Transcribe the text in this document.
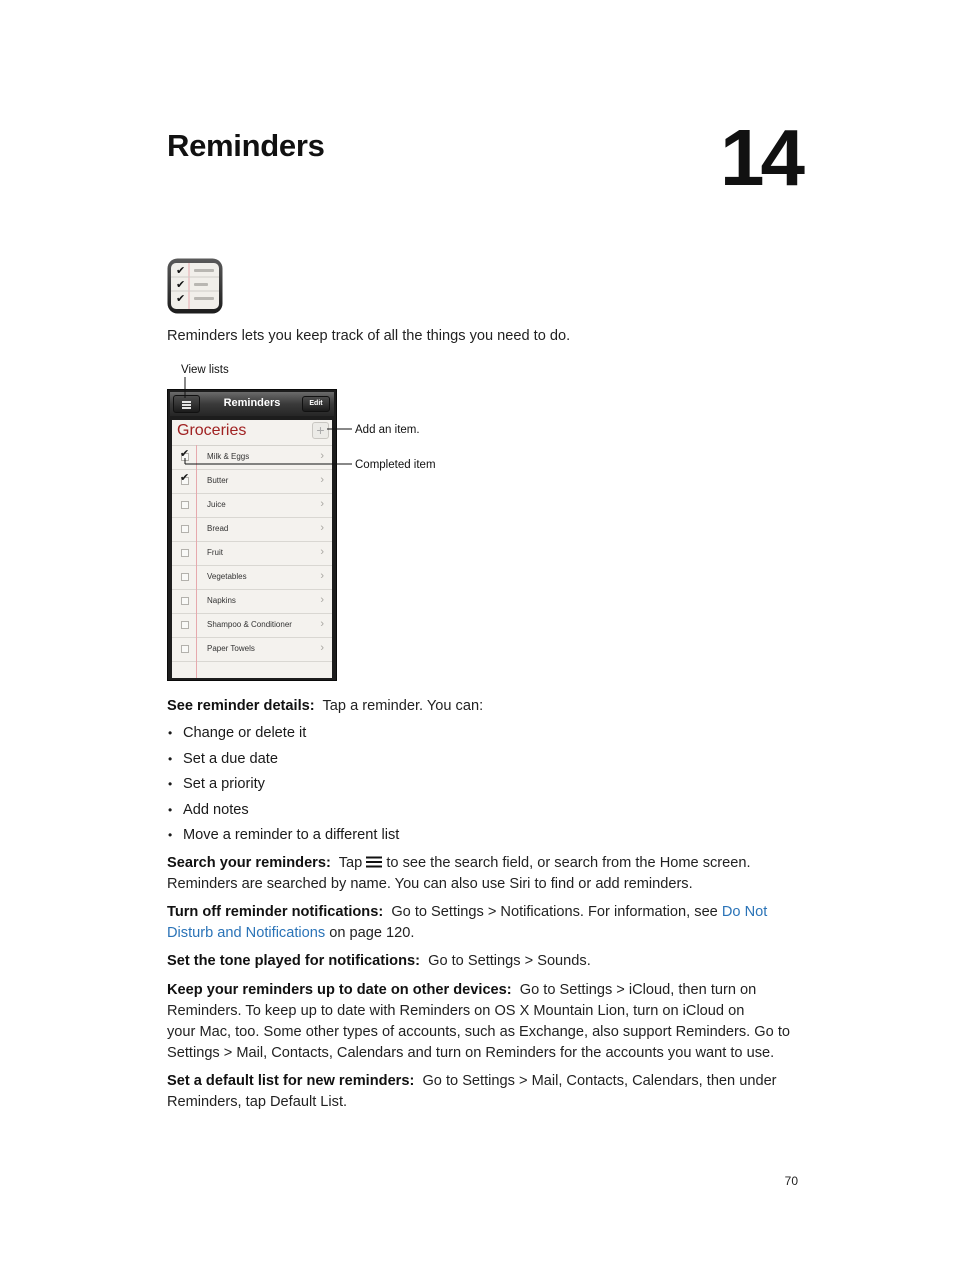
Reminders	14
✔
✔
✔

Reminders lets you keep track of all the things you need to do.

View lists
Add an item.
Completed item
Reminders	Edit
Groceries	+
✔ Milk & Eggs	›
✔ Butter	›
Juice	›
Bread	›
Fruit	›
Vegetables	›
Napkins	›
Shampoo & Conditioner	›
Paper Towels	›

See reminder details: Tap a reminder. You can:

• Change or delete it
• Set a due date
• Set a priority
• Add notes
• Move a reminder to a different list

Search your reminders: Tap to see the search field, or search from the Home screen.
Reminders are searched by name. You can also use Siri to find or add reminders.

Turn off reminder notifications: Go to Settings > Notifications. For information, see Do Not
Disturb and Notifications on page 120.

Set the tone played for notifications: Go to Settings > Sounds.

Keep your reminders up to date on other devices: Go to Settings > iCloud, then turn on
Reminders. To keep up to date with Reminders on OS X Mountain Lion, turn on iCloud on
your Mac, too. Some other types of accounts, such as Exchange, also support Reminders. Go to
Settings > Mail, Contacts, Calendars and turn on Reminders for the accounts you want to use.

Set a default list for new reminders: Go to Settings > Mail, Contacts, Calendars, then under
Reminders, tap Default List.

70
